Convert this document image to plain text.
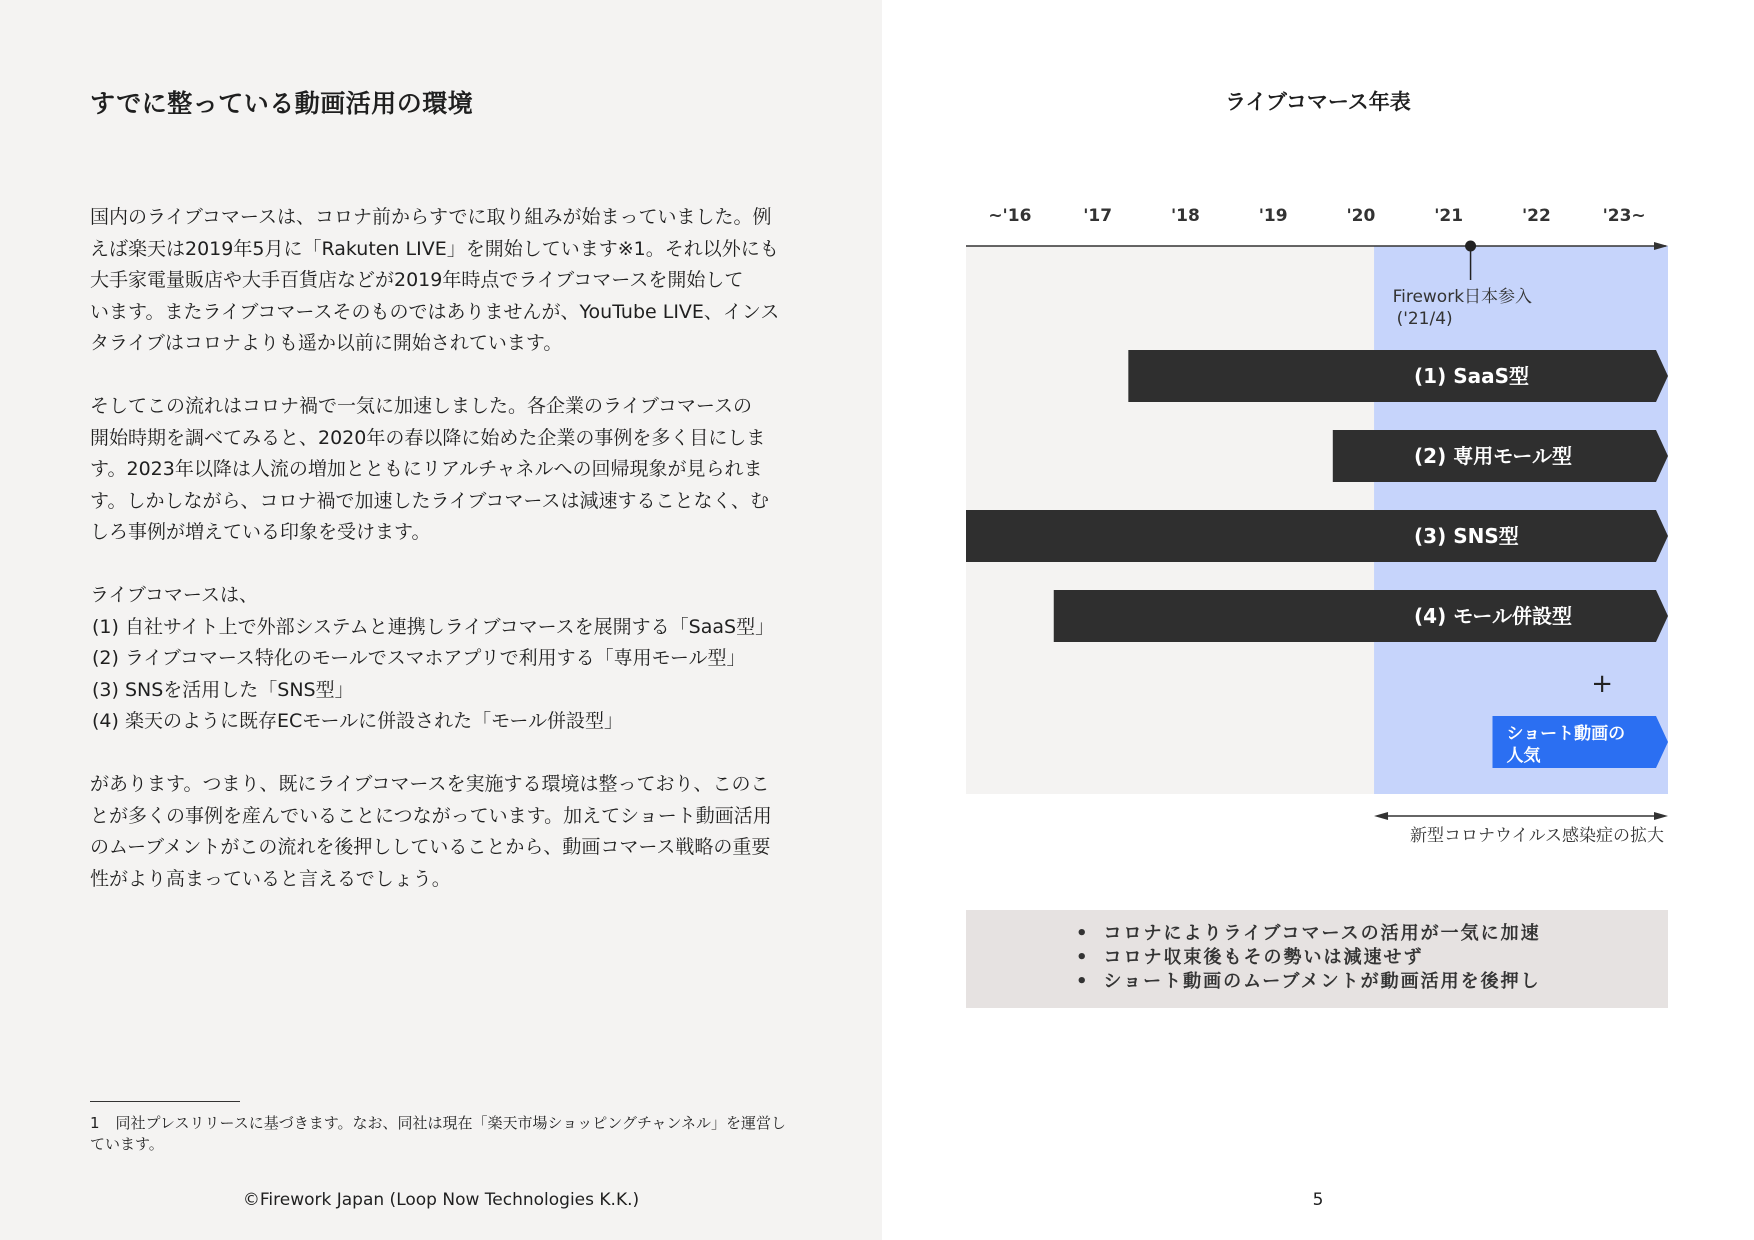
すでに整っている動画活用の環境

国内のライブコマースは、コロナ前からすでに取り組みが始まっていました。例

えば楽天は2019年5月に「Rakuten LIVE」を開始しています※1。それ以外にも

大手家電量販店や大手百貨店などが2019年時点でライブコマースを開始して

います。またライブコマースそのものではありませんが、YouTube LIVE、インス

タライブはコロナよりも遥か以前に開始されています。

そしてこの流れはコロナ禍で一気に加速しました。各企業のライブコマースの

開始時期を調べてみると、2020年の春以降に始めた企業の事例を多く目にしま

す。2023年以降は人流の増加とともにリアルチャネルへの回帰現象が見られま

す。しかしながら、コロナ禍で加速したライブコマースは減速することなく、む

しろ事例が増えている印象を受けます。

ライブコマースは、

(1) 自社サイト上で外部システムと連携しライブコマースを展開する「SaaS型」

(2) ライブコマース特化のモールでスマホアプリで利用する「専用モール型」

(3) SNSを活用した「SNS型」

(4) 楽天のように既存ECモールに併設された「モール併設型」

があります。つまり、既にライブコマースを実施する環境は整っており、このこ

とが多くの事例を産んでいることにつながっています。加えてショート動画活用

のムーブメントがこの流れを後押ししていることから、動画コマース戦略の重要

性がより高まっていると言えるでしょう。

1 同社プレスリリースに基づきます。なお、同社は現在「楽天市場ショッピングチャンネル」を運営しています。
©Firework Japan (Loop Now Technologies K.K.)
ライブコマース年表
~'16	'17	'18	'19	'20	'21	'22	'23~
Firework日本参入
('21/4)
(1) SaaS型
(2) 専用モール型
(3) SNS型
(4) モール併設型
+
ショート動画の
人気
新型コロナウイルス感染症の拡大
• コロナによりライブコマースの活用が一気に加速
• コロナ収束後もその勢いは減速せず
• ショート動画のムーブメントが動画活用を後押し
5
